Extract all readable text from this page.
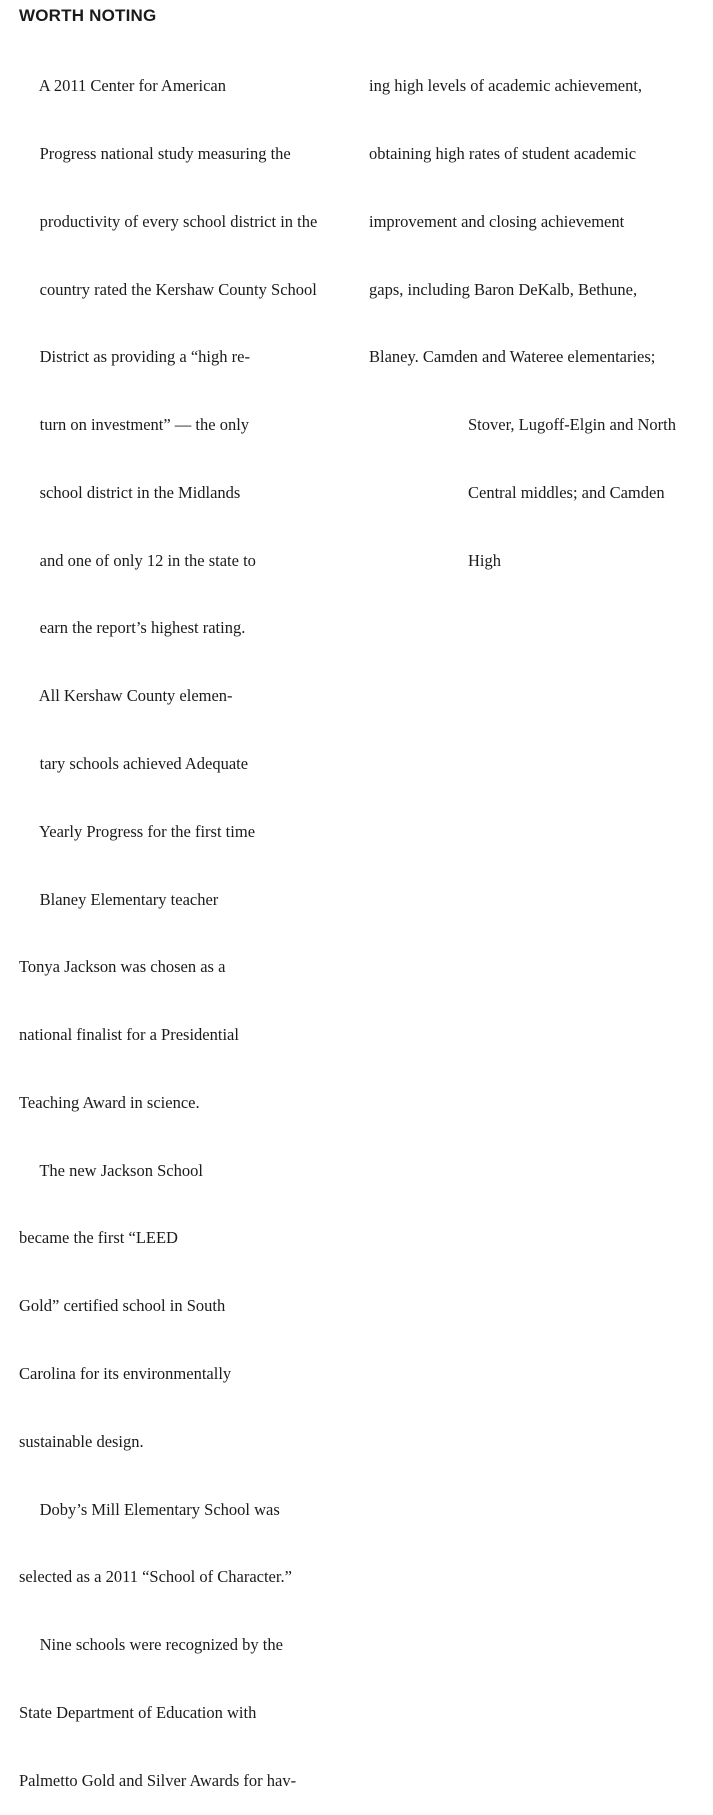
WORTH NOTING

A 2011 Center for American

Progress national study measuring the

productivity of every school district in the

country rated the Kershaw County School

District as providing a “high re-

turn on investment” — the only

school district in the Midlands

and one of only 12 in the state to

earn the report’s highest rating.

All Kershaw County elemen-

tary schools achieved Adequate

Yearly Progress for the first time

Blaney Elementary teacher

Tonya Jackson was chosen as a

national finalist for a Presidential

Teaching Award in science.

The new Jackson School

became the first “LEED

Gold” certified school in South

Carolina for its environmentally

sustainable design.

Doby’s Mill Elementary School was

selected as a 2011 “School of Character.”

Nine schools were recognized by the

State Department of Education with

Palmetto Gold and Silver Awards for hav-

ing high levels of academic achievement,

obtaining high rates of student academic

improvement and closing achievement

gaps, including Baron DeKalb, Bethune,

Blaney. Camden and Wateree elementaries;

Stover, Lugoff-Elgin and North

Central middles; and Camden

High
